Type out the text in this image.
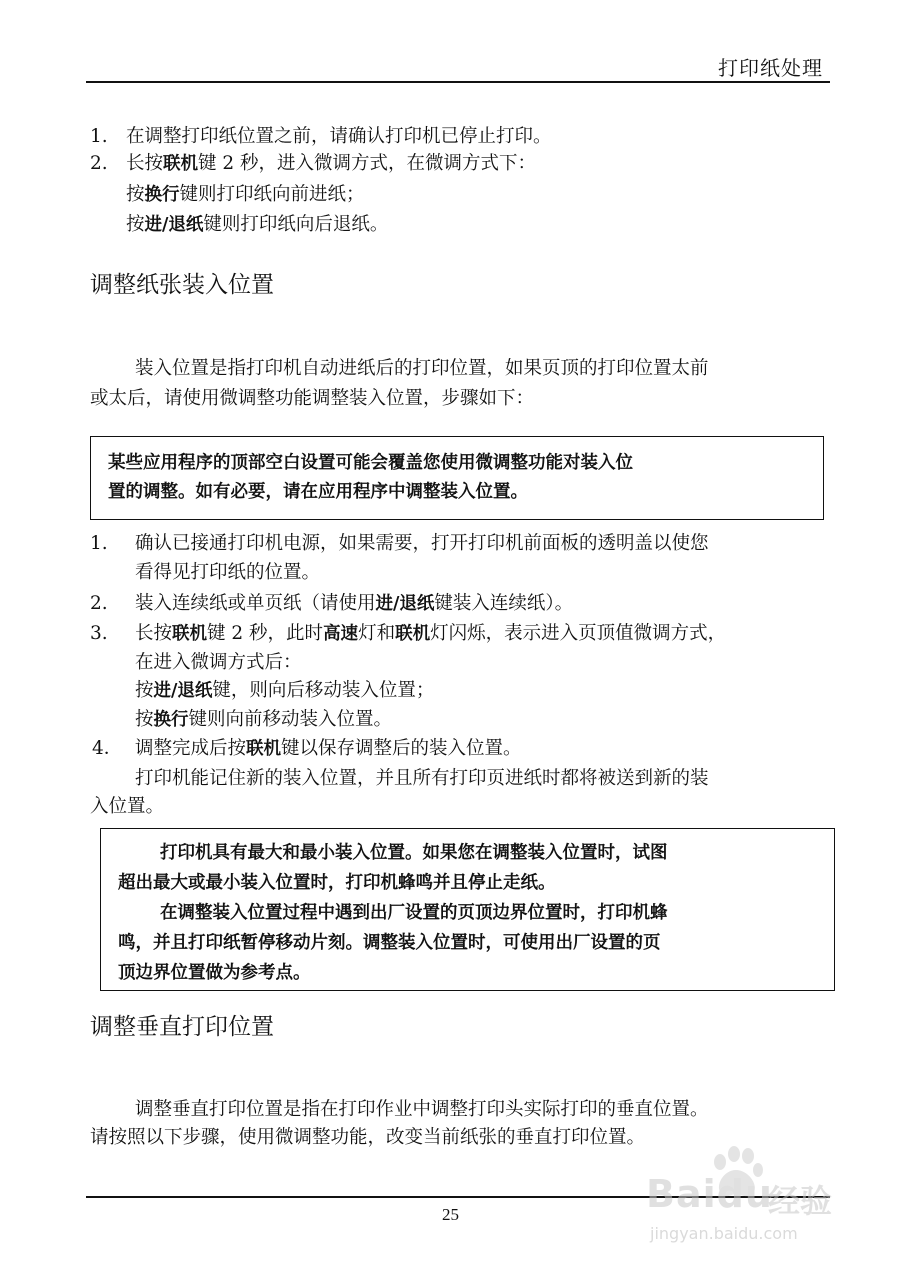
打印纸处理
1. 在调整打印纸位置之前，请确认打印机已停止打印。
2. 长按联机键 2 秒，进入微调方式，在微调方式下：
按换行键则打印纸向前进纸；
按进/退纸键则打印纸向后退纸。
调整纸张装入位置
装入位置是指打印机自动进纸后的打印位置，如果页顶的打印位置太前
或太后，请使用微调整功能调整装入位置，步骤如下：
某些应用程序的顶部空白设置可能会覆盖您使用微调整功能对装入位
置的调整。如有必要，请在应用程序中调整装入位置。
1. 确认已接通打印机电源，如果需要，打开打印机前面板的透明盖以使您
看得见打印纸的位置。
2. 装入连续纸或单页纸（请使用进/退纸键装入连续纸）。
3. 长按联机键 2 秒，此时高速灯和联机灯闪烁，表示进入页顶值微调方式，
在进入微调方式后：
按进/退纸键，则向后移动装入位置；
按换行键则向前移动装入位置。
4． 调整完成后按联机键以保存调整后的装入位置。
打印机能记住新的装入位置，并且所有打印页进纸时都将被送到新的装
入位置。
打印机具有最大和最小装入位置。如果您在调整装入位置时，试图
超出最大或最小装入位置时，打印机蜂鸣并且停止走纸。
在调整装入位置过程中遇到出厂设置的页顶边界位置时，打印机蜂
鸣，并且打印纸暂停移动片刻。调整装入位置时，可使用出厂设置的页
顶边界位置做为参考点。
调整垂直打印位置
调整垂直打印位置是指在打印作业中调整打印头实际打印的垂直位置。
请按照以下步骤，使用微调整功能，改变当前纸张的垂直打印位置。
25	Baidu
经验
jingyan.baidu.com
